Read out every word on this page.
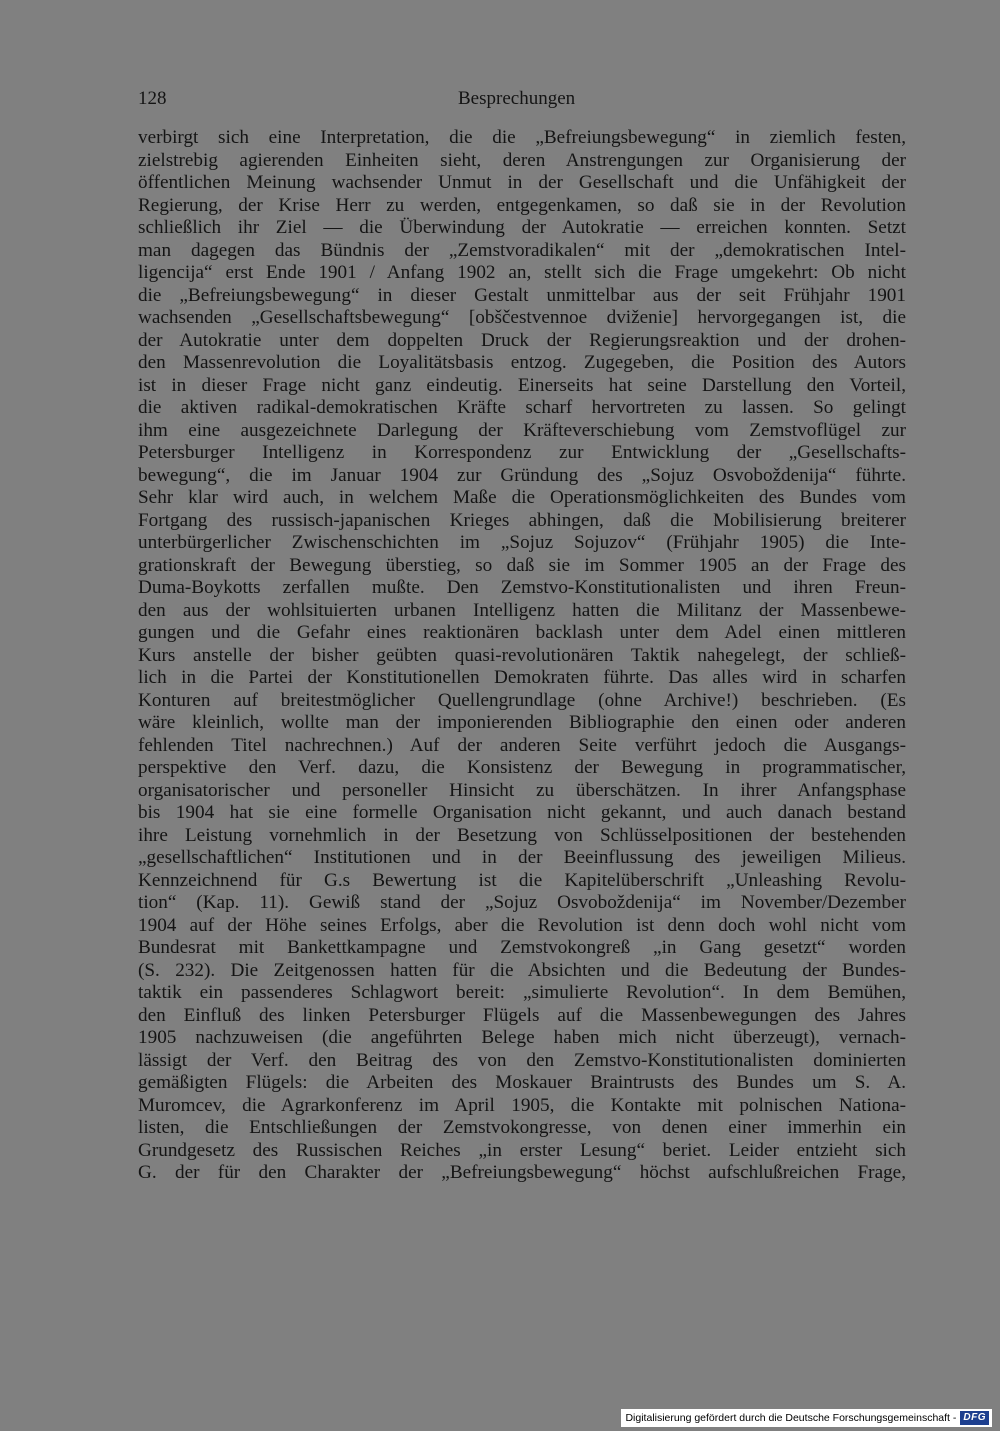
128	Besprechungen
verbirgt sich eine Interpretation, die die „Befreiungsbewegung“ in ziemlich festen,
zielstrebig agierenden Einheiten sieht, deren Anstrengungen zur Organisierung der
öffentlichen Meinung wachsender Unmut in der Gesellschaft und die Unfähigkeit der
Regierung, der Krise Herr zu werden, entgegenkamen, so daß sie in der Revolution
schließlich ihr Ziel — die Überwindung der Autokratie — erreichen konnten. Setzt
man dagegen das Bündnis der „Zemstvoradikalen“ mit der „demokratischen Intel-
ligencija“ erst Ende 1901 / Anfang 1902 an, stellt sich die Frage umgekehrt: Ob nicht
die „Befreiungsbewegung“ in dieser Gestalt unmittelbar aus der seit Frühjahr 1901
wachsenden „Gesellschaftsbewegung“ [obščestvennoe dviženie] hervorgegangen ist, die
der Autokratie unter dem doppelten Druck der Regierungsreaktion und der drohen-
den Massenrevolution die Loyalitätsbasis entzog. Zugegeben, die Position des Autors
ist in dieser Frage nicht ganz eindeutig. Einerseits hat seine Darstellung den Vorteil,
die aktiven radikal-demokratischen Kräfte scharf hervortreten zu lassen. So gelingt
ihm eine ausgezeichnete Darlegung der Kräfteverschiebung vom Zemstvoflügel zur
Petersburger Intelligenz in Korrespondenz zur Entwicklung der „Gesellschafts-
bewegung“, die im Januar 1904 zur Gründung des „Sojuz Osvoboždenija“ führte.
Sehr klar wird auch, in welchem Maße die Operationsmöglichkeiten des Bundes vom
Fortgang des russisch-japanischen Krieges abhingen, daß die Mobilisierung breiterer
unterbürgerlicher Zwischenschichten im „Sojuz Sojuzov“ (Frühjahr 1905) die Inte-
grationskraft der Bewegung überstieg, so daß sie im Sommer 1905 an der Frage des
Duma-Boykotts zerfallen mußte. Den Zemstvo-Konstitutionalisten und ihren Freun-
den aus der wohlsituierten urbanen Intelligenz hatten die Militanz der Massenbewe-
gungen und die Gefahr eines reaktionären backlash unter dem Adel einen mittleren
Kurs anstelle der bisher geübten quasi-revolutionären Taktik nahegelegt, der schließ-
lich in die Partei der Konstitutionellen Demokraten führte. Das alles wird in scharfen
Konturen auf breitestmöglicher Quellengrundlage (ohne Archive!) beschrieben. (Es
wäre kleinlich, wollte man der imponierenden Bibliographie den einen oder anderen
fehlenden Titel nachrechnen.) Auf der anderen Seite verführt jedoch die Ausgangs-
perspektive den Verf. dazu, die Konsistenz der Bewegung in programmatischer,
organisatorischer und personeller Hinsicht zu überschätzen. In ihrer Anfangsphase
bis 1904 hat sie eine formelle Organisation nicht gekannt, und auch danach bestand
ihre Leistung vornehmlich in der Besetzung von Schlüsselpositionen der bestehenden
„gesellschaftlichen“ Institutionen und in der Beeinflussung des jeweiligen Milieus.
Kennzeichnend für G.s Bewertung ist die Kapitelüberschrift „Unleashing Revolu-
tion“ (Kap. 11). Gewiß stand der „Sojuz Osvoboždenija“ im November/Dezember
1904 auf der Höhe seines Erfolgs, aber die Revolution ist denn doch wohl nicht vom
Bundesrat mit Bankettkampagne und Zemstvokongreß „in Gang gesetzt“ worden
(S. 232). Die Zeitgenossen hatten für die Absichten und die Bedeutung der Bundes-
taktik ein passenderes Schlagwort bereit: „simulierte Revolution“. In dem Bemühen,
den Einfluß des linken Petersburger Flügels auf die Massenbewegungen des Jahres
1905 nachzuweisen (die angeführten Belege haben mich nicht überzeugt), vernach-
lässigt der Verf. den Beitrag des von den Zemstvo-Konstitutionalisten dominierten
gemäßigten Flügels: die Arbeiten des Moskauer Braintrusts des Bundes um S. A.
Muromcev, die Agrarkonferenz im April 1905, die Kontakte mit polnischen Nationa-
listen, die Entschließungen der Zemstvokongresse, von denen einer immerhin ein
Grundgesetz des Russischen Reiches „in erster Lesung“ beriet. Leider entzieht sich
G. der für den Charakter der „Befreiungsbewegung“ höchst aufschlußreichen Frage,
Digitalisierung gefördert durch die Deutsche Forschungsgemeinschaft - DFG
